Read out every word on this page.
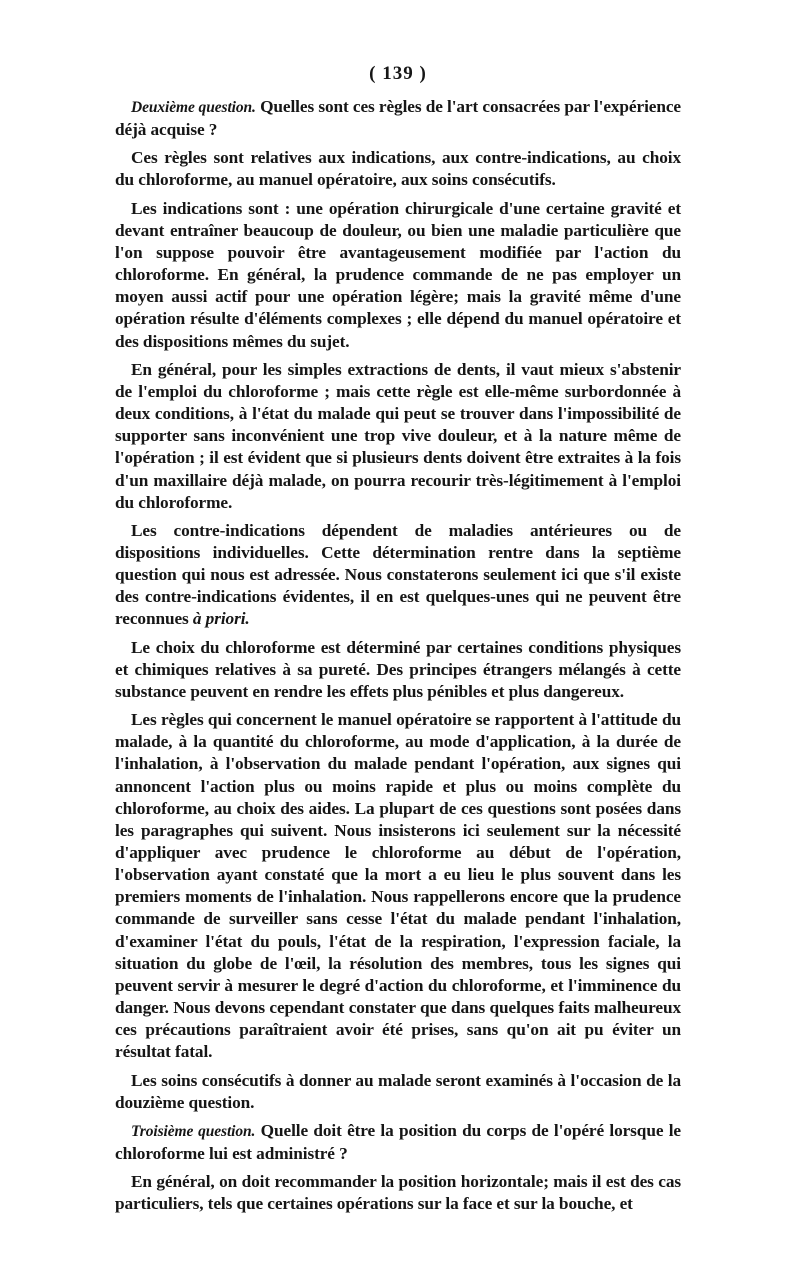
( 139 )

Deuxième question. Quelles sont ces règles de l'art consacrées par l'expérience déjà acquise ?

Ces règles sont relatives aux indications, aux contre-indications, au choix du chloroforme, au manuel opératoire, aux soins consécutifs.

Les indications sont : une opération chirurgicale d'une certaine gravité et devant entraîner beaucoup de douleur, ou bien une maladie particulière que l'on suppose pouvoir être avantageusement modifiée par l'action du chloroforme. En général, la prudence commande de ne pas employer un moyen aussi actif pour une opération légère; mais la gravité même d'une opération résulte d'éléments complexes ; elle dépend du manuel opératoire et des dispositions mêmes du sujet.

En général, pour les simples extractions de dents, il vaut mieux s'abstenir de l'emploi du chloroforme ; mais cette règle est elle-même surbordonnée à deux conditions, à l'état du malade qui peut se trouver dans l'impossibilité de supporter sans inconvénient une trop vive douleur, et à la nature même de l'opération ; il est évident que si plusieurs dents doivent être extraites à la fois d'un maxillaire déjà malade, on pourra recourir très-légitimement à l'emploi du chloroforme.

Les contre-indications dépendent de maladies antérieures ou de dispositions individuelles. Cette détermination rentre dans la septième question qui nous est adressée. Nous constaterons seulement ici que s'il existe des contre-indications évidentes, il en est quelques-unes qui ne peuvent être reconnues à priori.

Le choix du chloroforme est déterminé par certaines conditions physiques et chimiques relatives à sa pureté. Des principes étrangers mélangés à cette substance peuvent en rendre les effets plus pénibles et plus dangereux.

Les règles qui concernent le manuel opératoire se rapportent à l'attitude du malade, à la quantité du chloroforme, au mode d'application, à la durée de l'inhalation, à l'observation du malade pendant l'opération, aux signes qui annoncent l'action plus ou moins rapide et plus ou moins complète du chloroforme, au choix des aides. La plupart de ces questions sont posées dans les paragraphes qui suivent. Nous insisterons ici seulement sur la nécessité d'appliquer avec prudence le chloroforme au début de l'opération, l'observation ayant constaté que la mort a eu lieu le plus souvent dans les premiers moments de l'inhalation. Nous rappellerons encore que la prudence commande de surveiller sans cesse l'état du malade pendant l'inhalation, d'examiner l'état du pouls, l'état de la respiration, l'expression faciale, la situation du globe de l'œil, la résolution des membres, tous les signes qui peuvent servir à mesurer le degré d'action du chloroforme, et l'imminence du danger. Nous devons cependant constater que dans quelques faits malheureux ces précautions paraîtraient avoir été prises, sans qu'on ait pu éviter un résultat fatal.

Les soins consécutifs à donner au malade seront examinés à l'occasion de la douzième question.

Troisième question. Quelle doit être la position du corps de l'opéré lorsque le chloroforme lui est administré ?

En général, on doit recommander la position horizontale; mais il est des cas particuliers, tels que certaines opérations sur la face et sur la bouche, et
